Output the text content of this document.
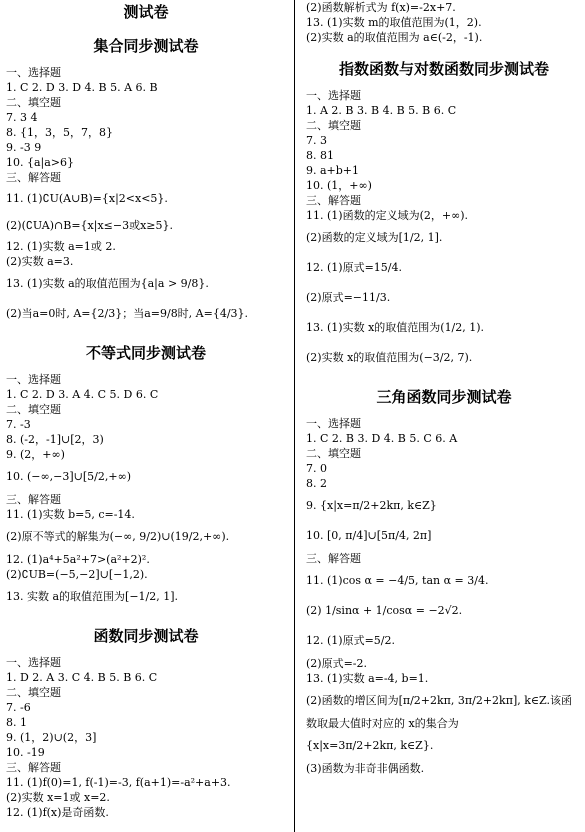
测试卷
集合同步测试卷
一、选择题
1. C 2. D 3. D 4. B 5. A 6. B
二、填空题
7. 3 4
8. {1，3，5，7，8}
9. -3 9
10. {a|a>6}
三、解答题
11. (1)∁U(A∪B)={x|2<x<5}.
(2)(∁UA)∩B={x|x≤−3或x≥5}.
12. (1)实数 a=1或 2.
(2)实数 a=3.
13. (1)实数 a的取值范围为{a|a > 9/8}.
(2)当a=0时, A={2/3}；当a=9/8时, A={4/3}.
不等式同步测试卷
一、选择题
1. C 2. D 3. A 4. C 5. D 6. C
二、填空题
7. -3
8. (-2，-1]∪[2，3)
9. (2，+∞)
10. (−∞,−3]∪[5/2,+∞)
三、解答题
11. (1)实数 b=5, c=-14.
(2)原不等式的解集为(−∞, 9/2)∪(19/2,+∞).
12. (1)a⁴+5a²+7>(a²+2)².
(2)∁UB=(−5,−2]∪[−1,2).
13. 实数 a的取值范围为[−1/2, 1].
函数同步测试卷
一、选择题
1. D 2. A 3. C 4. B 5. B 6. C
二、填空题
7. -6
8. 1
9. (1，2)∪(2，3]
10. -19
三、解答题
11. (1)f(0)=1, f(-1)=-3, f(a+1)=-a²+a+3.
(2)实数 x=1或 x=2.
12. (1)f(x)是奇函数.
(2)函数解析式为 f(x)=-2x+7.
13. (1)实数 m的取值范围为(1，2).
(2)实数 a的取值范围为 a∈(-2，-1).
指数函数与对数函数同步测试卷
一、选择题
1. A 2. B 3. B 4. B 5. B 6. C
二、填空题
7. 3
8. 81
9. a+b+1
10. (1，+∞)
三、解答题
11. (1)函数的定义域为(2，+∞).
(2)函数的定义域为[1/2, 1].
12. (1)原式=15/4.
(2)原式=−11/3.
13. (1)实数 x的取值范围为(1/2, 1).
(2)实数 x的取值范围为(−3/2, 7).
三角函数同步测试卷
一、选择题
1. C 2. B 3. D 4. B 5. C 6. A
二、填空题
7. 0
8. 2
9. {x|x=π/2+2kπ, k∈Z}
10. [0, π/4]∪[5π/4, 2π]
三、解答题
11. (1)cos α = −4/5, tan α = 3/4.
(2) 1/sinα + 1/cosα = −2√2.
12. (1)原式=5/2.
(2)原式=-2.
13. (1)实数 a=-4, b=1.
(2)函数的增区间为[π/2+2kπ, 3π/2+2kπ], k∈Z.该函
数取最大值时对应的 x的集合为
{x|x=3π/2+2kπ, k∈Z}.
(3)函数为非奇非偶函数.
